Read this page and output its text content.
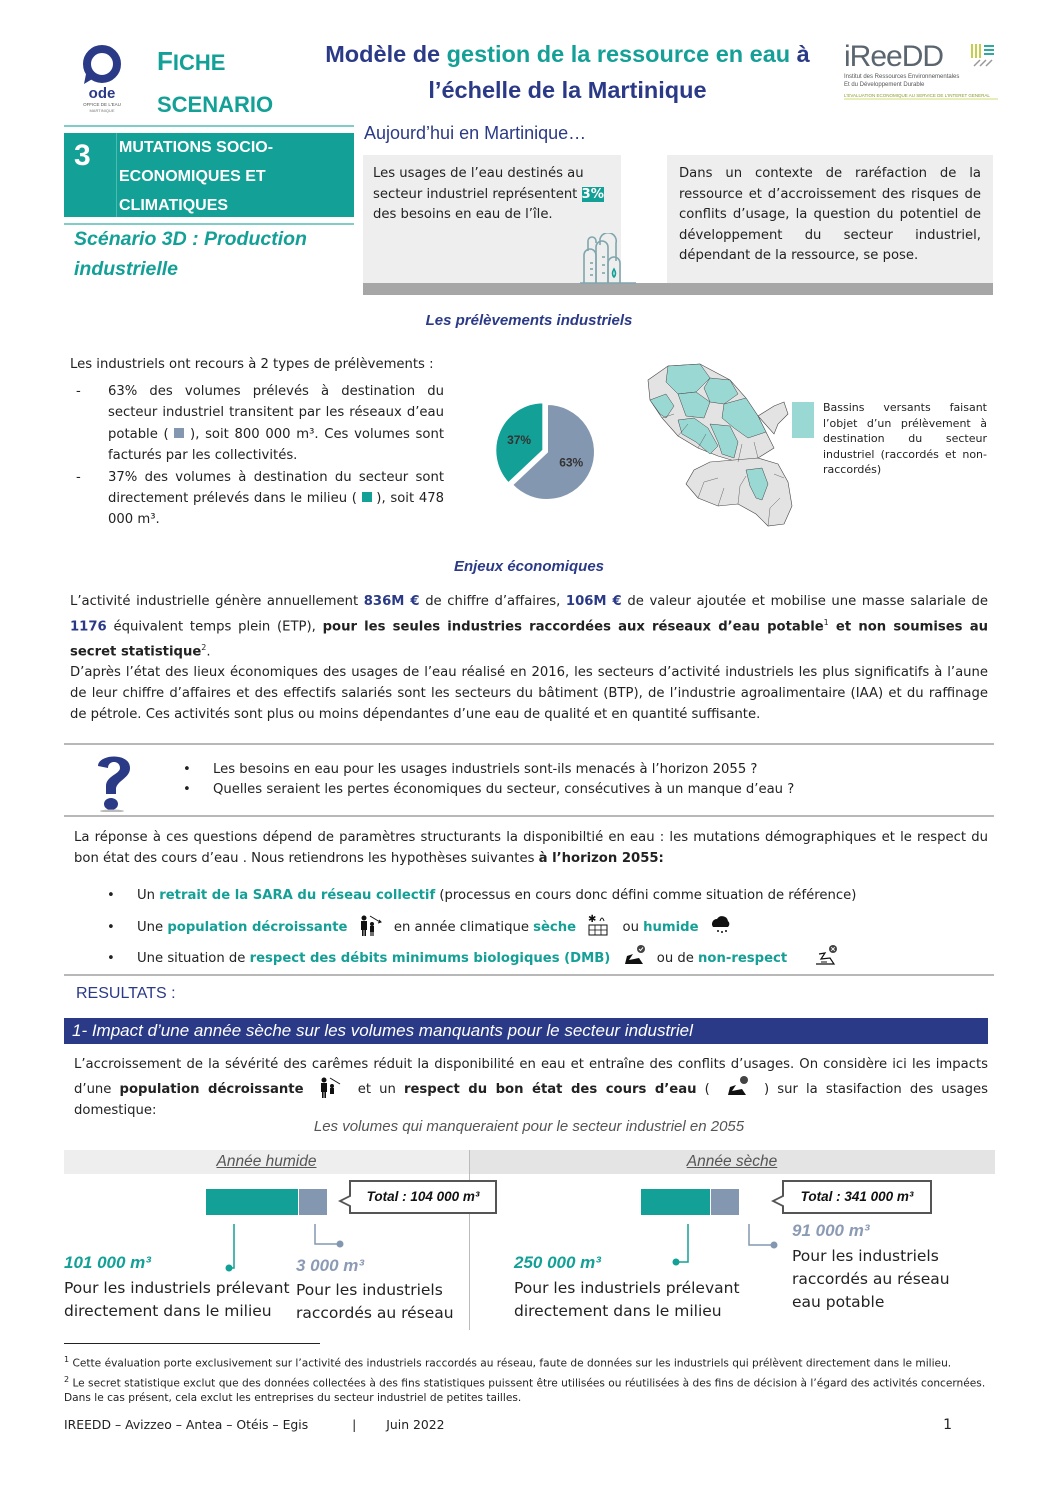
ode
OFFICE DE L'EAU
MARTINIQUE
FICHE
SCENARIO
Modèle de gestion de la ressource en eau à
l’échelle de la Martinique
iReeDD
Institut des Ressources Environnementales
Et du Développement Durable
L'EVALUATION ECONOMIQUE AU SERVICE DE L'INTERET GENERAL
3 MUTATIONS SOCIO-
ECONOMIQUES ET
CLIMATIQUES
Scénario 3D : Production
industrielle
Aujourd’hui en Martinique…
Les usages de l’eau destinés au secteur industriel représentent 3% des besoins en eau de l’île.
Dans un contexte de raréfaction de la ressource et d’accroissement des risques de conflits d’usage, la question du potentiel de développement du secteur industriel, dépendant de la ressource, se pose.
Les prélèvements industriels
Les industriels ont recours à 2 types de prélèvements :
- 63% des volumes prélevés à destination du secteur industriel transitent par les réseaux d’eau potable (  ), soit 800 000 m³. Ces volumes sont facturés par les collectivités.
- 37% des volumes à destination du secteur sont directement prélevés dans le milieu (  ), soit 478 000 m³.
63%
37%
Bassins versants faisant l’objet d’un prélèvement à destination du secteur industriel (raccordés et non-raccordés)
Enjeux économiques

L’activité industrielle génère annuellement 836M € de chiffre d’affaires, 106M € de valeur ajoutée et mobilise une masse salariale de 1176 équivalent temps plein (ETP), pour les seules industries raccordées aux réseaux d’eau potable$^1$ et non soumises au secret statistique$^2$.

D’après l’état des lieux économiques des usages de l’eau réalisé en 2016, les secteurs d’activité industriels les plus significatifs à l’aune de leur chiffre d’affaires et des effectifs salariés sont les secteurs du bâtiment (BTP), de l’industrie agroalimentaire (IAA) et du raffinage de pétrole. Ces activités sont plus ou moins dépendantes d’une eau de qualité et en quantité suffisante.

• Les besoins en eau pour les usages industriels sont-ils menacés à l’horizon 2055 ?
• Quelles seraient les pertes économiques du secteur, consécutives à un manque d’eau ?
La réponse à ces questions dépend de paramètres structurants la disponibiltié en eau : les mutations démographiques et le respect du bon état des cours d’eau . Nous retiendrons les hypothèses suivantes à l’horizon 2055:
• Un retrait de la SARA du réseau collectif (processus en cours donc défini comme situation de référence)
• Une population décroissante	en année climatique sèche
✱
ou humide
• Une situation de respect des débits minimums biologiques (DMB)	ou de non-respect
RESULTATS :
1- Impact d’une année sèche sur les volumes manquants pour le secteur industriel
L’accroissement de la sévérité des carêmes réduit la disponibilité en eau et entraîne des conflits d’usages. On considère ici les impacts d’une population décroissante	et un respect du bon état des cours d’eau (	) sur la stasifaction des usages domestique:
Les volumes qui manqueraient pour le secteur industriel en 2055
Année humide	Année sèche
Total : 104 000 m³
101 000 m³
Pour les industriels prélevant directement dans le milieu
3 000 m³
Pour les industriels raccordés au réseau
Total : 341 000 m³
250 000 m³
Pour les industriels prélevant directement dans le milieu
91 000 m³
Pour les industriels raccordés au réseau eau potable
$^1$ Cette évaluation porte exclusivement sur l’activité des industriels raccordés au réseau, faute de données sur les industriels qui prélèvent directement dans le milieu.
$^2$ Le secret statistique exclut que des données collectées à des fins statistiques puissent être utilisées ou réutilisées à des fins de décision à l’égard des activités concernées. Dans le cas présent, cela exclut les entreprises du secteur industriel de petites tailles.
IREEDD – Avizzeo – Antea – Otéis – Egis	| Juin 2022	1
